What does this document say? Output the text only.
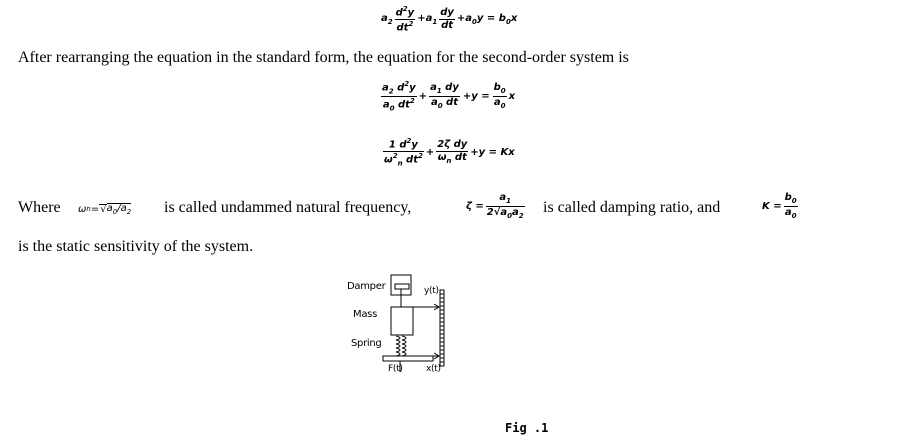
$a_2 \frac{d^2y}{dt^2} +a_1 \frac{dy}{dt} +a_0y = b_0x$
After rearranging the equation in the standard form, the equation for the second-order system is
$\frac{a_2 d^2y}{a_0 dt^2} + \frac{a_1 dy}{a_0 dt} +y = \frac{b_0}{a_0}$ x
$\frac{1 d^2y}{\omega^2_n dt^2} + \frac{\text{2ζ dy}}{\omega_n dt} +y = Kx$
Where ω n = √ $a_0/a_2$ is called undammed natural frequency,	$\zeta = \frac{a_1}{2√a_0a_2}$ is called damping ratio, and	$K = \frac{b_0}{a_0}$
is the static sensitivity of the system.
Damper
Mass
Spring
y(t)
F(t)	x(t)
Fig .1
